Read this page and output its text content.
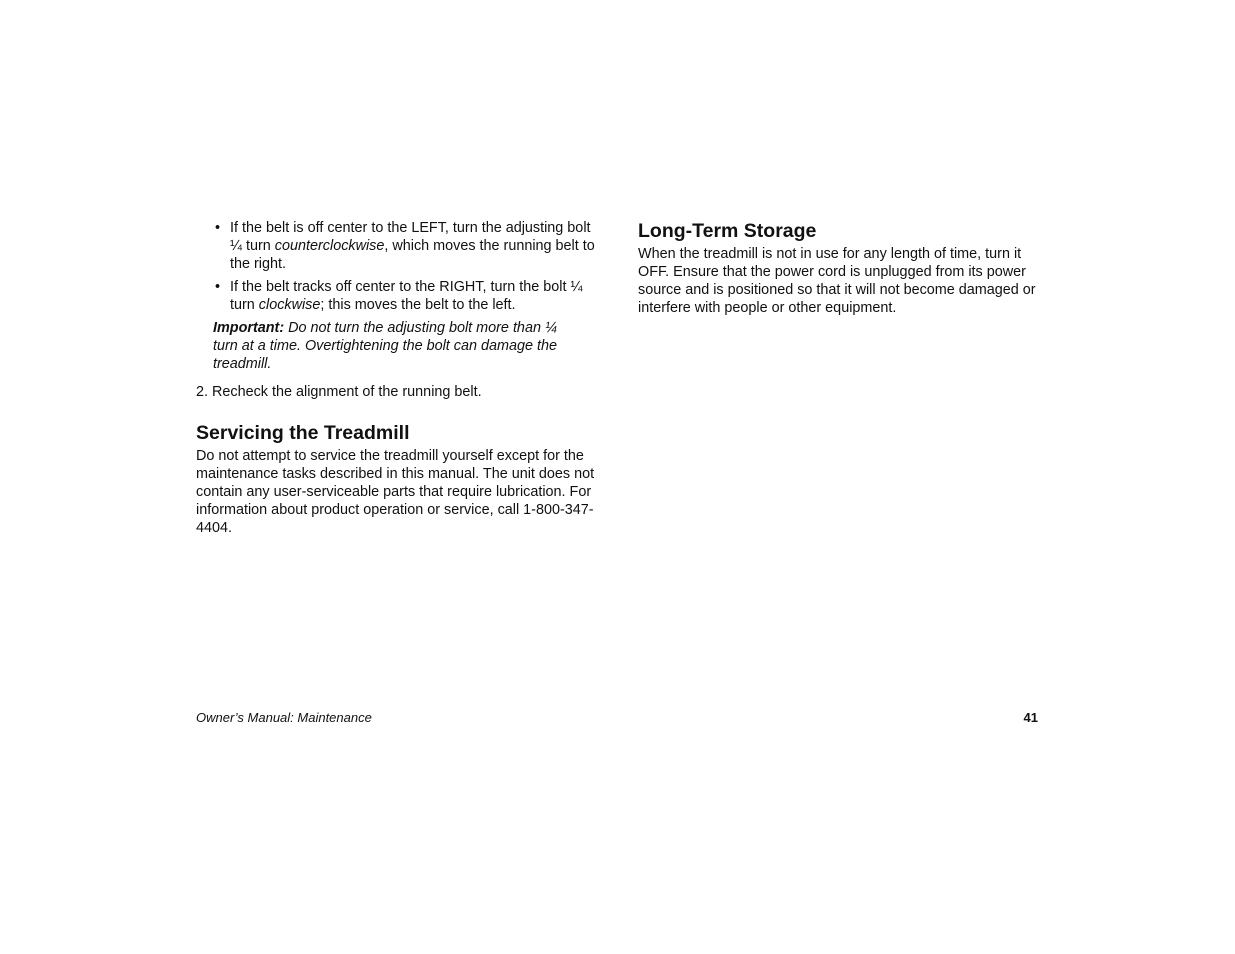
• If the belt is off center to the LEFT, turn the adjusting bolt ¼ turn counterclockwise, which moves the running belt to the right.
• If the belt tracks off center to the RIGHT, turn the bolt ¼ turn clockwise; this moves the belt to the left.

Important: Do not turn the adjusting bolt more than ¼ turn at a time. Overtightening the bolt can damage the treadmill.

2. Recheck the alignment of the running belt.

Servicing the Treadmill

Do not attempt to service the treadmill yourself except for the maintenance tasks described in this manual. The unit does not contain any user-serviceable parts that require lubrication. For information about product operation or service, call 1-800-347-4404.

Long-Term Storage

When the treadmill is not in use for any length of time, turn it OFF. Ensure that the power cord is unplugged from its power source and is positioned so that it will not become damaged or interfere with people or other equipment.

Owner’s Manual: Maintenance	41
